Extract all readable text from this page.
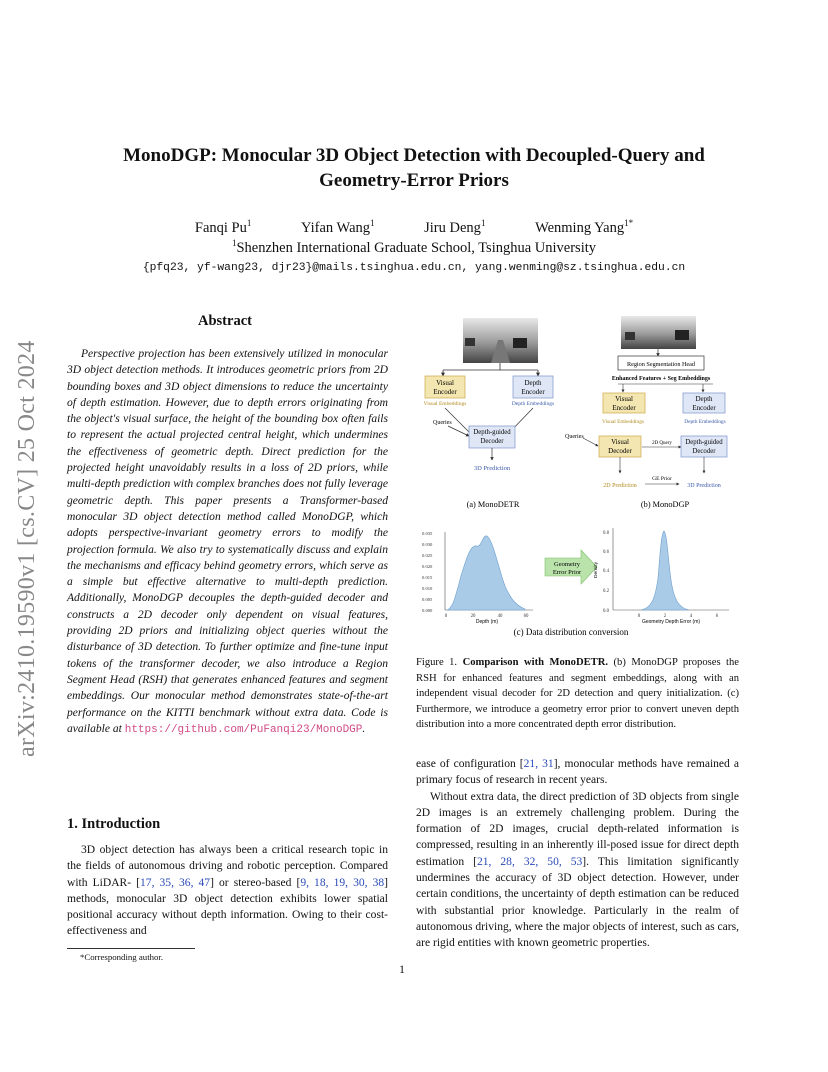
arXiv:2410.19590v1 [cs.CV] 25 Oct 2024
MonoDGP: Monocular 3D Object Detection with Decoupled-Query and
Geometry-Error Priors
Fanqi Pu$^1$	Yifan Wang$^1$	Jiru Deng$^1$	Wenming Yang$^{1*}$
$^1$Shenzhen International Graduate School, Tsinghua University
{pfq23, yf-wang23, djr23}@mails.tsinghua.edu.cn, yang.wenming@sz.tsinghua.edu.cn
Abstract
Perspective projection has been extensively utilized in monocular 3D object detection methods. It introduces geometric priors from 2D bounding boxes and 3D object dimensions to reduce the uncertainty of depth estimation. However, due to depth errors originating from the object's visual surface, the height of the bounding box often fails to represent the actual projected central height, which undermines the effectiveness of geometric depth. Direct prediction for the projected height unavoidably results in a loss of 2D priors, while multi-depth prediction with complex branches does not fully leverage geometric depth. This paper presents a Transformer-based monocular 3D object detection method called MonoDGP, which adopts perspective-invariant geometry errors to modify the projection formula. We also try to systematically discuss and explain the mechanisms and efficacy behind geometry errors, which serve as a simple but effective alternative to multi-depth prediction. Additionally, MonoDGP decouples the depth-guided decoder and constructs a 2D decoder only dependent on visual features, providing 2D priors and initializing object queries without the disturbance of 3D detection. To further optimize and fine-tune input tokens of the transformer decoder, we also introduce a Region Segment Head (RSH) that generates enhanced features and segment embeddings. Our monocular method demonstrates state-of-the-art performance on the KITTI benchmark without extra data. Code is available at https://github.com/PuFanqi23/MonoDGP.
1. Introduction
3D object detection has always been a critical research topic in the fields of autonomous driving and robotic perception. Compared with LiDAR- [17, 35, 36, 47] or stereo-based [9, 18, 19, 30, 38] methods, monocular 3D object detection exhibits lower spatial positional accuracy without depth information. Owing to their cost-effectiveness and
*Corresponding author.
Visual
Encoder
Depth
Encoder
Visual Embeddings	Depth Embeddings
Queries
Depth-guided
Decoder
3D Prediction
(a) MonoDETR
Region Segmentation Head
Enhanced Features + Seg Embeddings
Visual
Encoder
Depth
Encoder
Visual Embeddings	Depth Embeddings
Queries
Visual
Decoder
2D Query Depth-guided
Decoder
GE Prior
2D Prediction	3D Prediction
(b) MonoDGP
0.035
0.030
0.025
0.020
0.015
0.010
0.005
0.000
0	20	40	60
Depth (m)
Geometry
Error Prior
0.8
0.6
0.4
0.2
0.0
Density
0	2	4	6
Geometry Depth Error (m)
(c) Data distribution conversion
Figure 1. Comparison with MonoDETR. (b) MonoDGP proposes the RSH for enhanced features and segment embeddings, along with an independent visual decoder for 2D detection and query initialization. (c) Furthermore, we introduce a geometry error prior to convert uneven depth distribution into a more concentrated depth error distribution.

ease of configuration [21, 31], monocular methods have remained a primary focus of research in recent years.

Without extra data, the direct prediction of 3D objects from single 2D images is an extremely challenging problem. During the formation of 2D images, crucial depth-related information is compressed, resulting in an inherently ill-posed issue for direct depth estimation [21, 28, 32, 50, 53]. This limitation significantly undermines the accuracy of 3D object detection. However, under certain conditions, the uncertainty of depth estimation can be reduced with substantial prior knowledge. Particularly in the realm of autonomous driving, where the major objects of interest, such as cars, are rigid entities with known geometric properties.

1
